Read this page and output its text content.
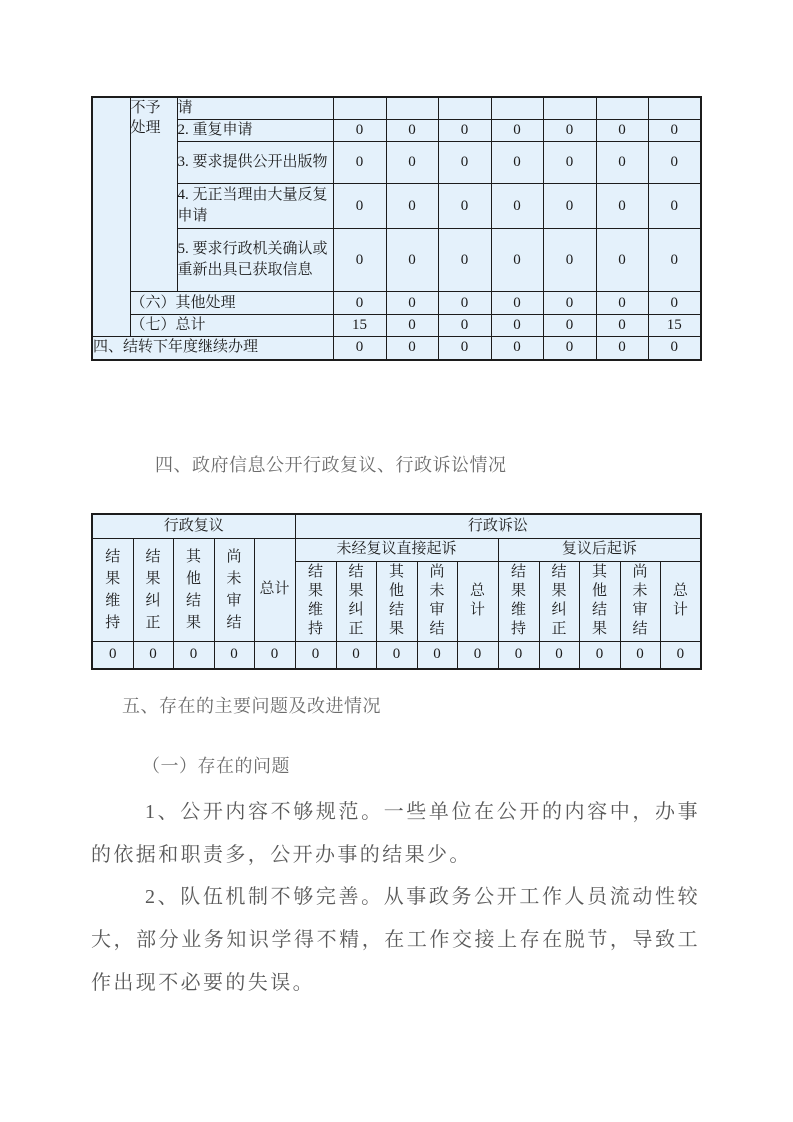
	不予处理	请							
		2. 重复申请	0	0	0	0	0	0	0
		3. 要求提供公开出版物	0	0	0	0	0	0	0
		4. 无正当理由大量反复申请	0	0	0	0	0	0	0
		5. 要求行政机关确认或重新出具已获取信息	0	0	0	0	0	0	0
	（六）其他处理		0	0	0	0	0	0	0
	（七）总计		15	0	0	0	0	0	15
四、结转下年度继续办理			0	0	0	0	0	0	0
四、政府信息公开行政复议、行政诉讼情况
行政复议					行政诉讼									
结果维持	结果纠正	其他结果	尚未审结	总计	未经复议直接起诉					复议后起诉				
					结果维持	结果纠正	其他结果	尚未审结	总计	结果维持	结果纠正	其他结果	尚未审结	总计
0	0	0	0	0	0	0	0	0	0	0	0	0	0	0
五、存在的主要问题及改进情况
（一）存在的问题
1、公开内容不够规范。一些单位在公开的内容中，办事的依据和职责多，公开办事的结果少。
2、队伍机制不够完善。从事政务公开工作人员流动性较大，部分业务知识学得不精，在工作交接上存在脱节，导致工作出现不必要的失误。
